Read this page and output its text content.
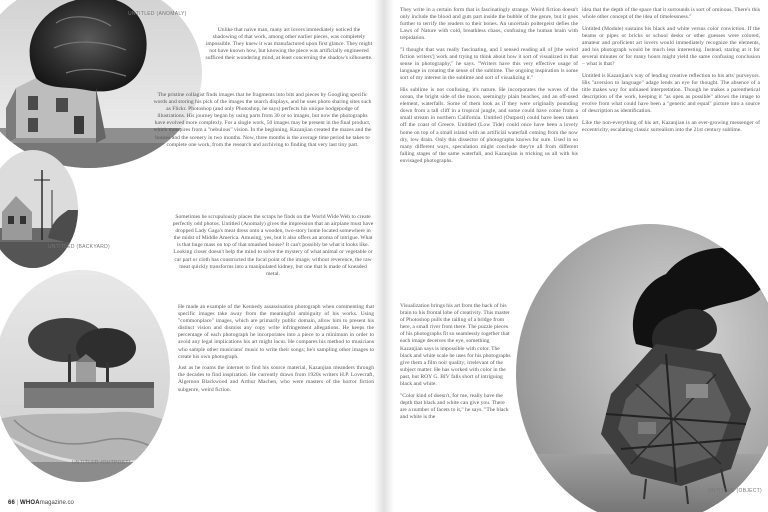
UNTITLED (ANOMALY)
UNTITLED (BACKYARD)
UNTITLED (OUTPOST)

Unlike that naive man, many art lovers immediately noticed the shadowing of that work, among other earlier pieces, was completely impossible. They knew it was manufactured upon first glance. They might not have known how, but knowing the piece was artificially engineered sufficed their wondering mind, at least concerning the shadow's silhouette.

The pristine collagist finds images that he fragments into bits and pieces by Googling specific words and storing his pick of the images the search displays, and he uses photo sharing sites such as Flickr. Photoshop (and only Photoshop, he says) perfects his unique hodgepodge of illustrations. His journey began by using parts from 30 or so images, but now the photographs have evolved more complexly. For a single work, 50 images may be present in the final product, which transpires from a "nebulous" vision. In the beginning, Kazanjian created the mazes and the houses and the scenery in two months. Now, three months is the average time period he takes to complete one work, from the research and archiving to finding that very last tiny part.

Sometimes he scrupulously places the scraps he finds on the World Wide Web to create perfectly odd photos. Untitled (Anomaly) gives the impression that an airplane must have dropped Lady Gaga's meat dress onto a wooden, two-story home located somewhere in the midst of Middle America. Amusing, yes, but it also offers an aroma of intrigue. What is that huge mass on top of that smashed house? It can't possibly be what it looks like. Looking closer doesn't help the mind to solve the mystery of what animal or vegetable or car part or cloth has constructed the focal point of the image; without reverence, the raw meat quickly transforms into a manipulated kidney, but one that is made of kneaded metal.

He made an example of the Kennedy assassination photograph when commenting that specific images take away from the meaningful ambiguity of his works. Using "commonplace" images, which are primarily public domain, allow him to present his distinct vision and dismiss any copy write infringement allegations. He keeps the percentage of each photograph he incorporates into a piece to a minimum in order to avoid any legal implications his art might incur. He compares his method to musicians who sample other musicians' music to write their songs; he's sampling other images to create his own photograph.

Just as he roams the internet to find his source material, Kazanjian meanders through the decades to find inspiration. He currently draws from 1920s writers H.P. Lovecraft, Algernon Blackwood and Arthur Machen, who were masters of the horror fiction subgenre, weird fiction.

66 | WHOAmagazine.co
UNTITLED (OBJECT)

They write in a certain form that is fascinatingly strange. Weird fiction doesn't only include the blood and guts part inside the bubble of the genre, but it goes further to terrify the readers to their bones. An uncertain poltergeist defies the Laws of Nature with cold, breathless chaos, confusing the human brain with trepidation.

"I thought that was really fascinating, and I sensed reading all of [the weird fiction writers'] work and trying to think about how it sort of visualized in that sense in photography," he says. "Writers have this very effective usage of language in creating the sense of the sublime. The ongoing inspiration is some sort of my interest in the sublime and sort of visualizing it."

His sublime is not confusing, it's nature. He incorporates the waves of the ocean, the bright side of the moon, seemingly plain beaches, and an off-used element, waterfalls. Some of them look as if they were originally pounding down from a tall cliff in a tropical jungle, and some could have come from a small stream in northern California. Untitled (Outpost) could have been taken off the coast of Greece. Untitled (Low Tide) could once have been a lovely home on top of a small island with an artificial waterfall coming from the now dry, low drain. Only this dissector of photographs knows for sure. Used in so many different ways, speculation might conclude they're all from different falling stages of the same waterfall, and Kazanjian is tricking us all with his envisaged photographs.

Visualization brings his art from the back of his brain to his frontal lobe of creativity. This master of Photoshop pulls the railing of a bridge from here, a small river from there. The puzzle pieces of his photographs fit so seamlessly together that each image deceives the eye, something Kazanjian says is impossible with color. The black and white scale he uses for his photographs give them a film noir quality; irrelevant of the subject matter. He has worked with color in the past, but ROY G. BIV falls short of intriguing black and white.

"Color kind of doesn't, for me, really have the depth that black and white can give you. There are a number of facets to it," he says. "The black and white is the

idea that the depth of the space that it surrounds is sort of ominous. There's this whole other concept of the idea of timelessness."

Untitled (Module) sustains his black and white versus color conviction. If the beams or pipes or bricks or school desks or other guesses were colored, amateur and proficient art lovers would immediately recognize the elements, and his photograph would be much less interesting. Instead, staring at it for several minutes or for many hours might yield the same confusing conclusion – what is that?

Untitled is Kazanjian's way of lending creative reflection to his arts' purveyors. His "aversion to language" adage lends an eye for thought. The absence of a title makes way for unbiased interpretation. Though he makes a parenthetical description of the work, keeping it "as open as possible" allows the image to evolve from what could have been a "generic and equal" picture into a source of description as identification.

Like the non-everything of his art, Kazanjian is an ever-growing messenger of eccentricity, escalating classic surrealism into the 21st century sublime.
